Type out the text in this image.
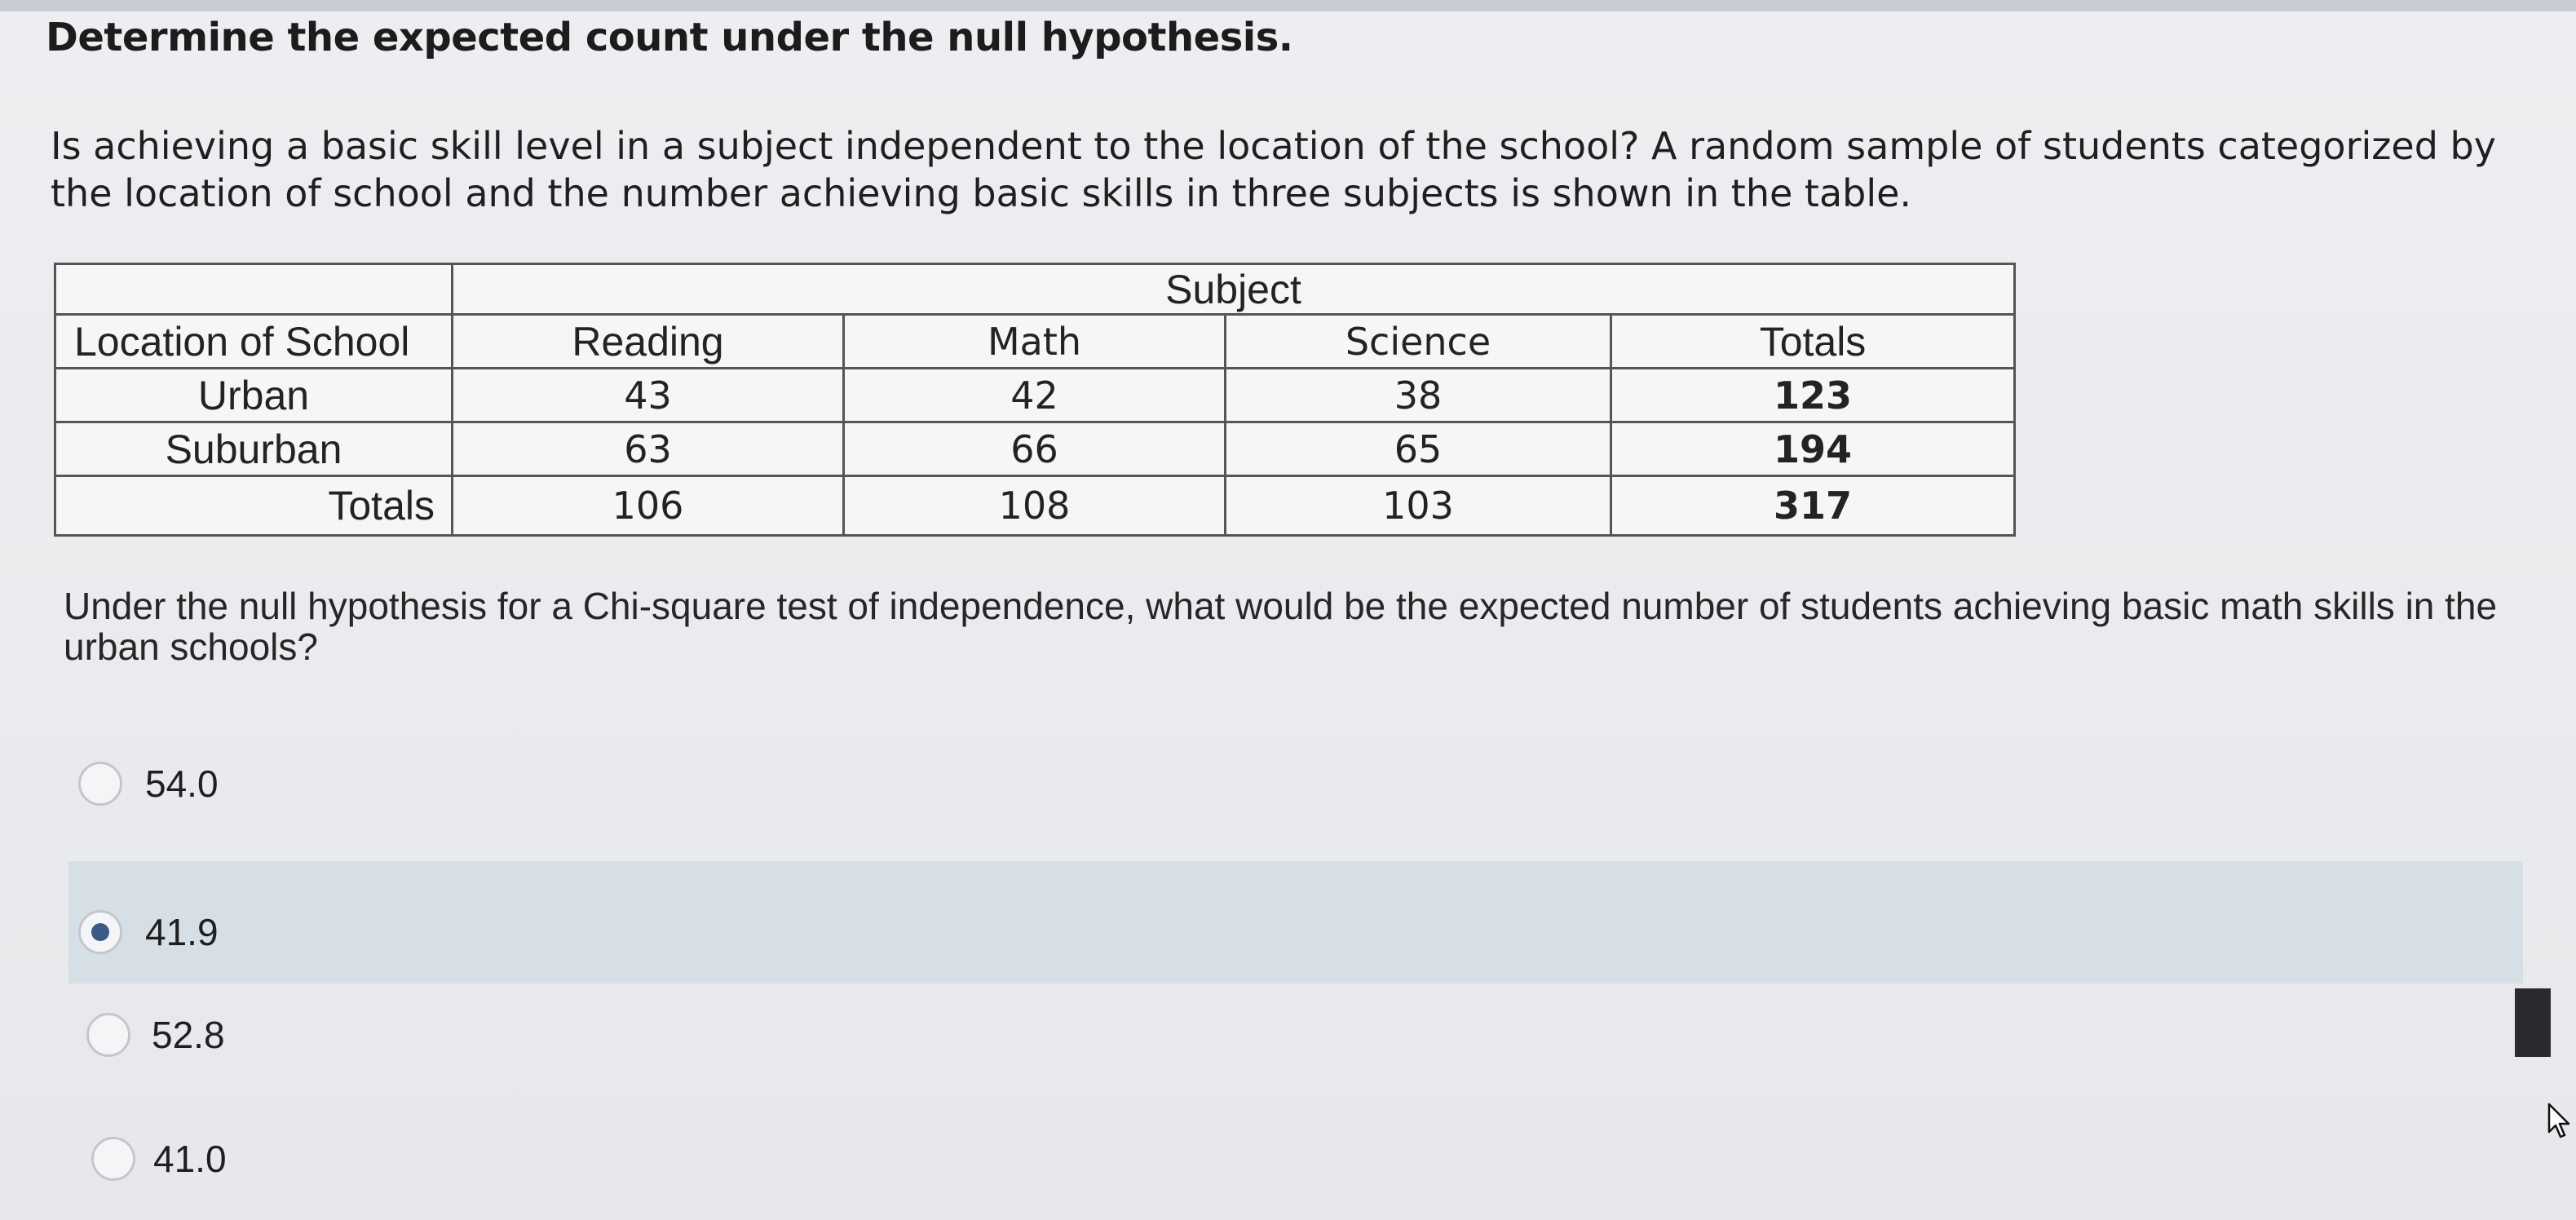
Determine the expected count under the null hypothesis.
Is achieving a basic skill level in a subject independent to the location of the school? A random sample of students categorized by the location of school and the number achieving basic skills in three subjects is shown in the table.
Subject
Location of School	Reading	Math	Science	Totals
Urban	43	42	38	123
Suburban	63	66	65	194
Totals	106	108	103	317
Under the null hypothesis for a Chi-square test of independence, what would be the expected number of students achieving basic math skills in the urban schools?
54.0
41.9
52.8
41.0
